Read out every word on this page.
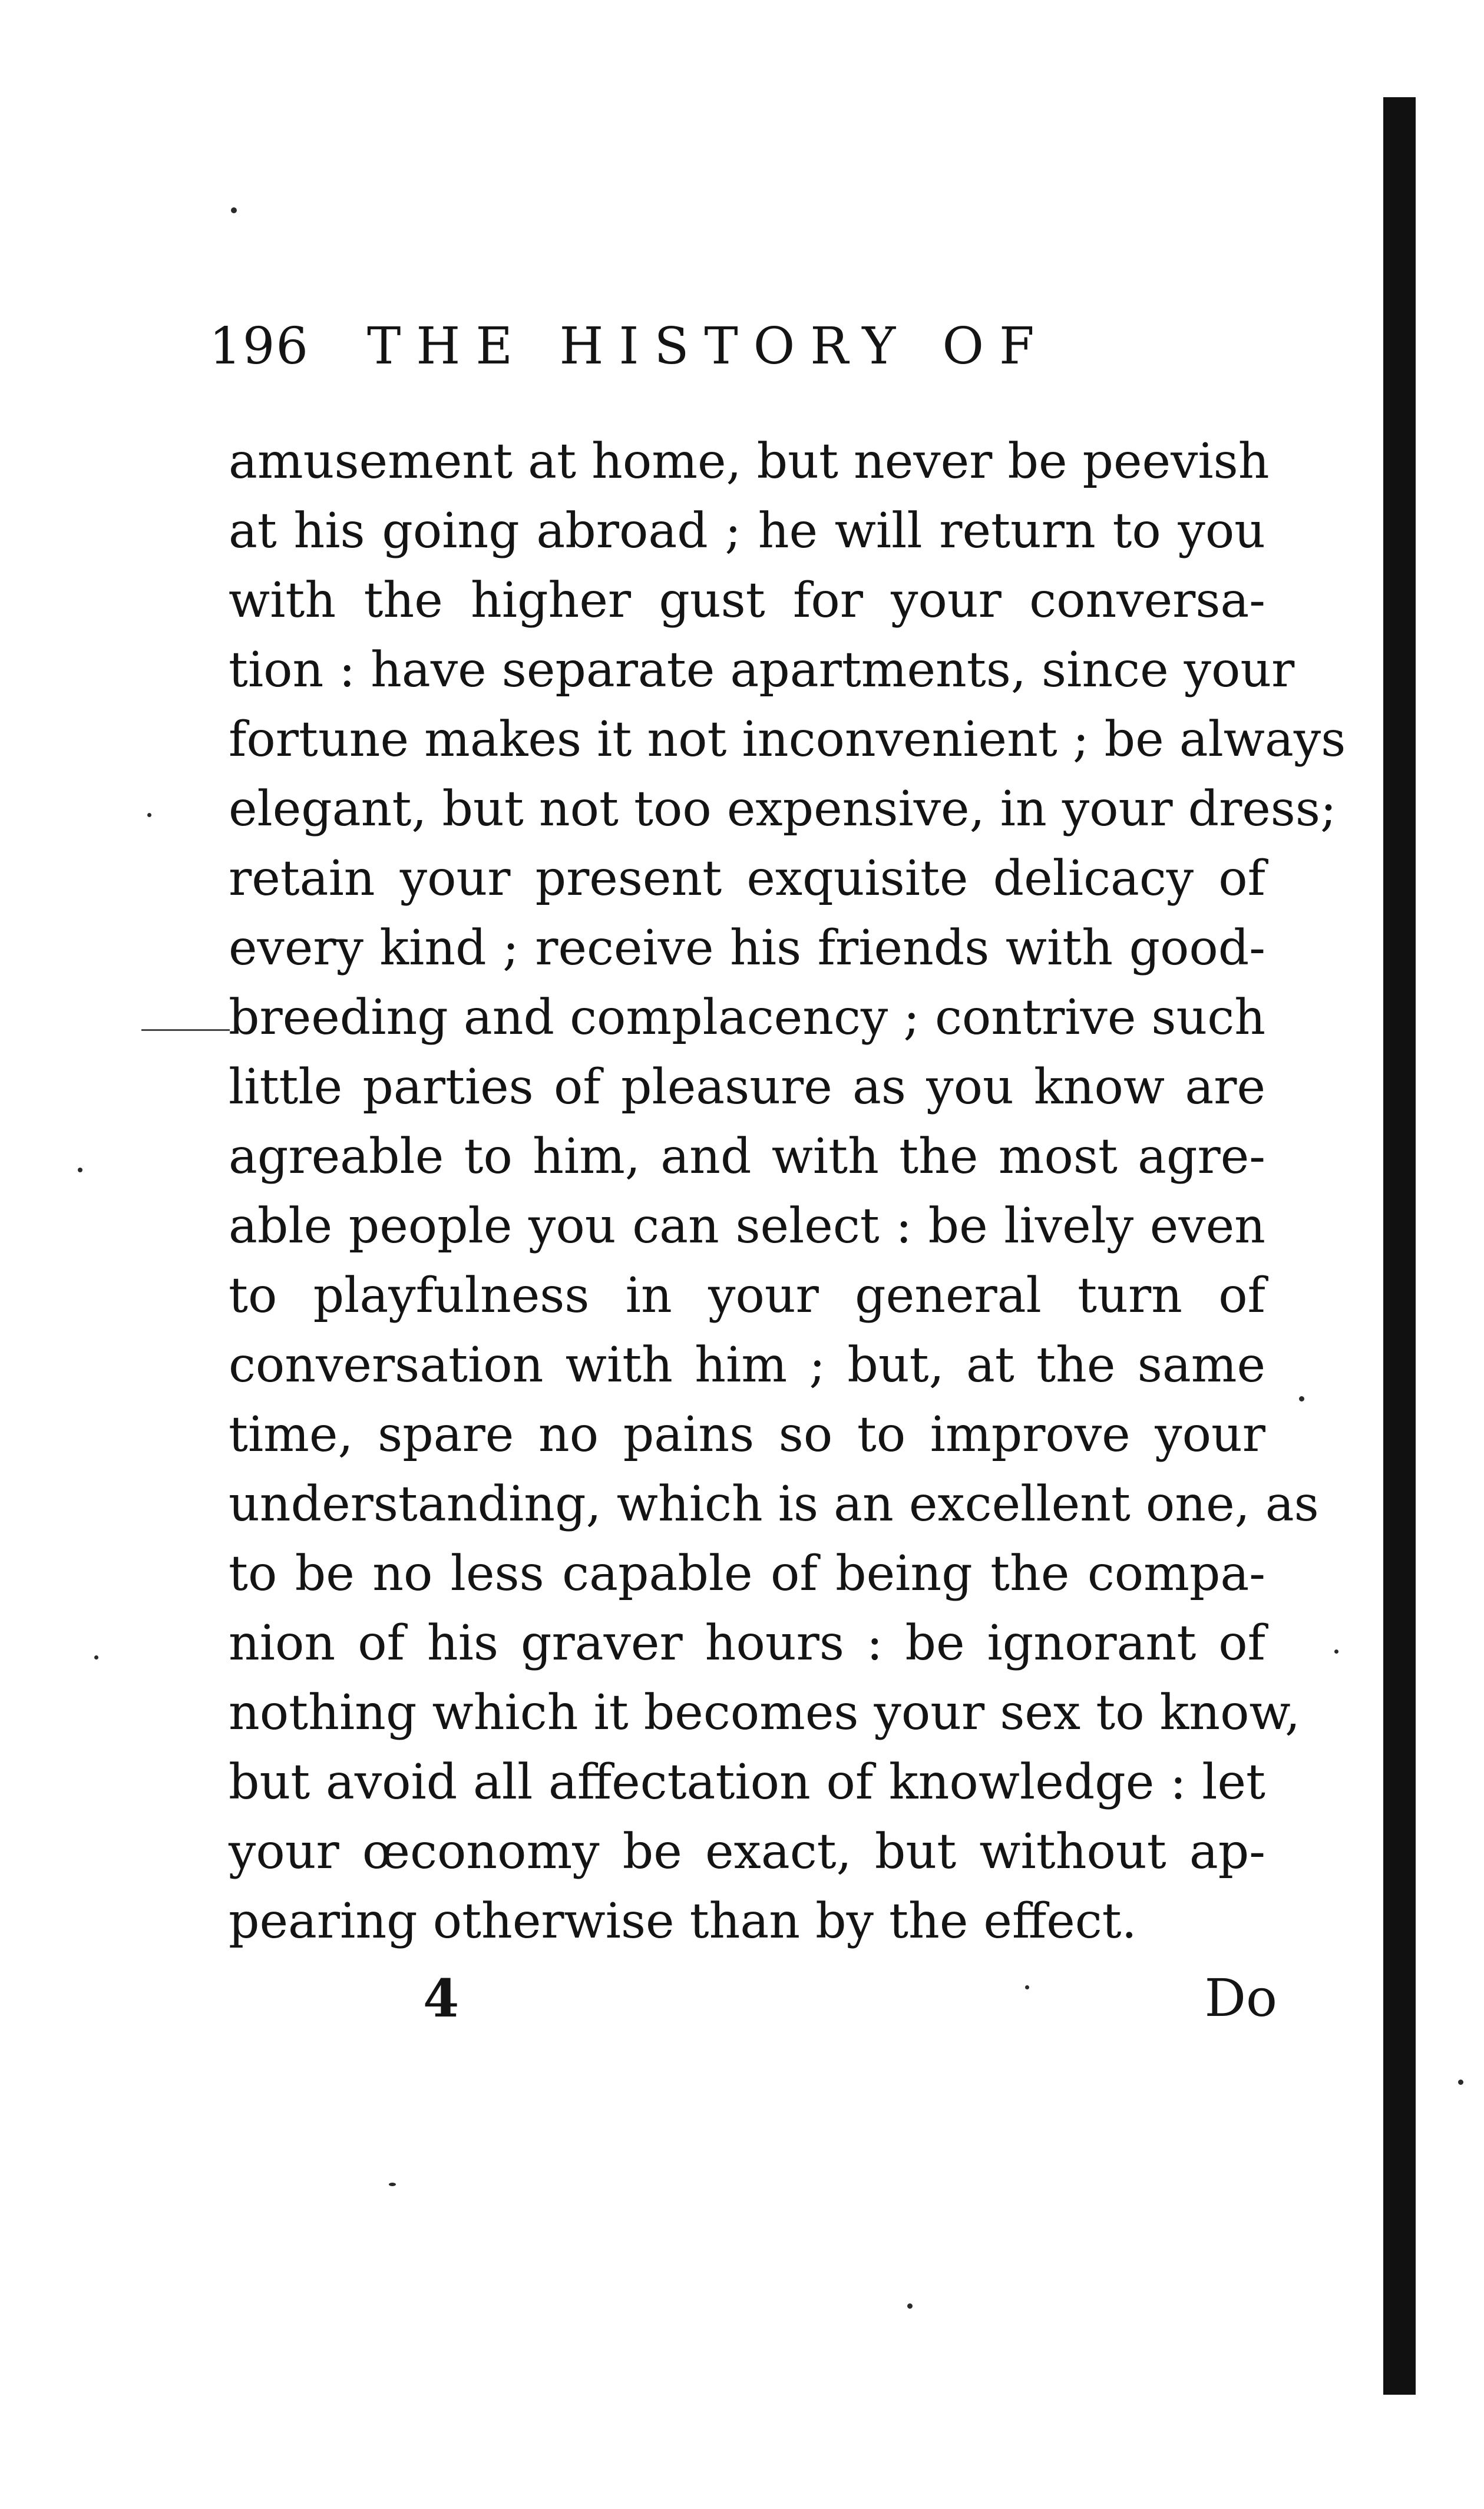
196 THE HISTORY OF
amusement at home, but never be peevish
at his going abroad ; he will return to you
with the higher gust for your conversa-
tion : have separate apartments, since your
fortune makes it not inconvenient ; be always
elegant, but not too expensive, in your dress;
retain your present exquisite delicacy of
every kind ; receive his friends with good-
breeding and complacency ; contrive such
little parties of pleasure as you know are
agreable to him, and with the most agre-
able people you can select : be lively even
to playfulness in your general turn of
conversation with him ; but, at the same
time, spare no pains so to improve your
understanding, which is an excellent one, as
to be no less capable of being the compa-
nion of his graver hours : be ignorant of
nothing which it becomes your sex to know,
but avoid all affectation of knowledge : let
your œconomy be exact, but without ap-
pearing otherwise than by the effect.
4	Do
